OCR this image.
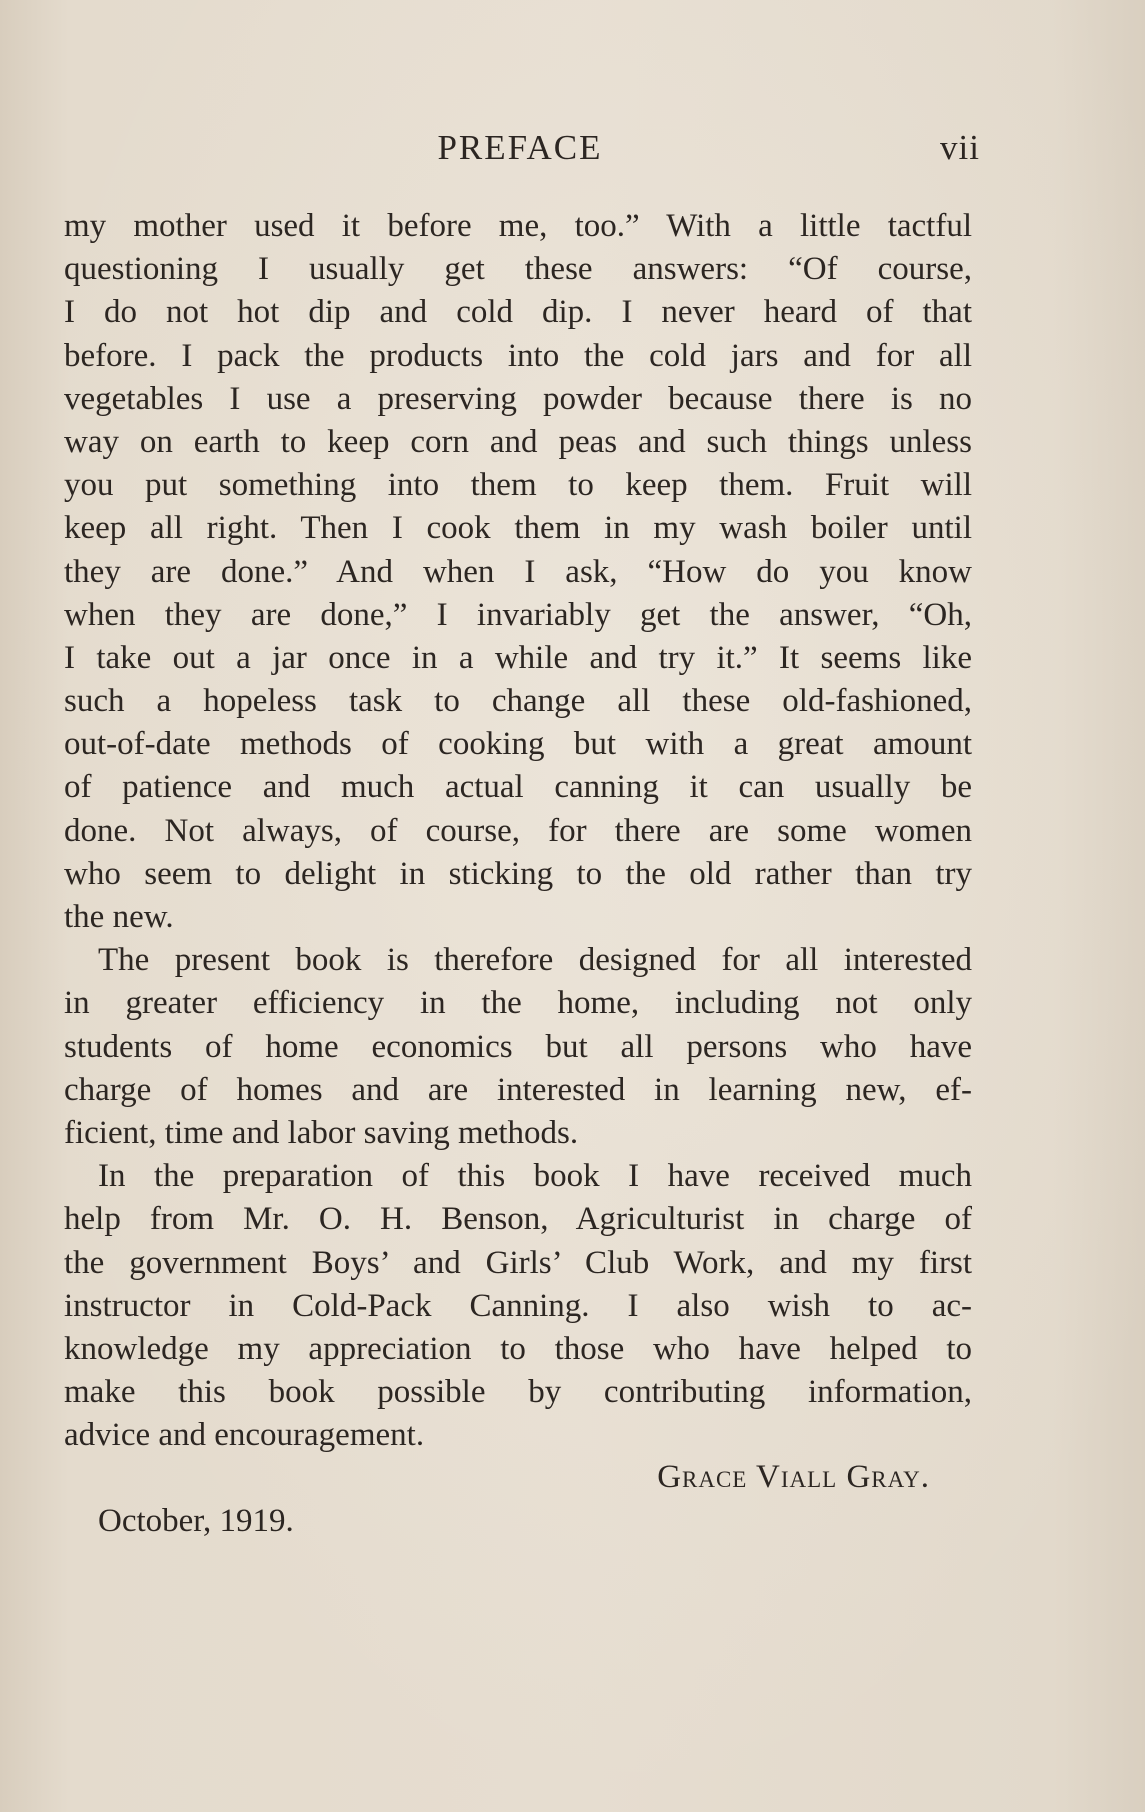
PREFACE	vii
my mother used it before me, too.” With a little tactful
questioning I usually get these answers: “Of course,
I do not hot dip and cold dip. I never heard of that
before. I pack the products into the cold jars and for all
vegetables I use a preserving powder because there is no
way on earth to keep corn and peas and such things unless
you put something into them to keep them. Fruit will
keep all right. Then I cook them in my wash boiler until
they are done.” And when I ask, “How do you know
when they are done,” I invariably get the answer, “Oh,
I take out a jar once in a while and try it.” It seems like
such a hopeless task to change all these old-fashioned,
out-of-date methods of cooking but with a great amount
of patience and much actual canning it can usually be
done. Not always, of course, for there are some women
who seem to delight in sticking to the old rather than try
the new.
The present book is therefore designed for all interested
in greater efficiency in the home, including not only
students of home economics but all persons who have
charge of homes and are interested in learning new, ef-
ficient, time and labor saving methods.
In the preparation of this book I have received much
help from Mr. O. H. Benson, Agriculturist in charge of
the government Boys’ and Girls’ Club Work, and my first
instructor in Cold-Pack Canning. I also wish to ac-
knowledge my appreciation to those who have helped to
make this book possible by contributing information,
advice and encouragement.
Grace Viall Gray.
October, 1919.
